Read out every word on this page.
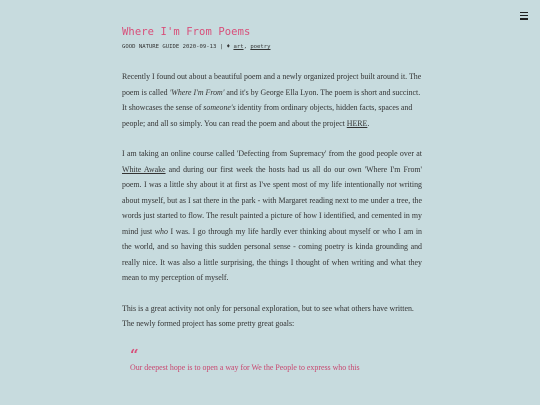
Where I'm From Poems
GOOD NATURE GUIDE 2020-09-13 | ♦ art, poetry

Recently I found out about a beautiful poem and a newly organized project built around it. The poem is called 'Where I'm From' and it's by George Ella Lyon. The poem is short and succinct. It showcases the sense of someone's identity from ordinary objects, hidden facts, spaces and people; and all so simply. You can read the poem and about the project HERE.

I am taking an online course called 'Defecting from Supremacy' from the good people over at White Awake and during our first week the hosts had us all do our own 'Where I'm From' poem. I was a little shy about it at first as I've spent most of my life intentionally not writing about myself, but as I sat there in the park - with Margaret reading next to me under a tree, the words just started to flow. The result painted a picture of how I identified, and cemented in my mind just who I was. I go through my life hardly ever thinking about myself or who I am in the world, and so having this sudden personal sense - coming poetry is kinda grounding and really nice. It was also a little surprising, the things I thought of when writing and what they mean to my perception of myself.

This is a great activity not only for personal exploration, but to see what others have written. The newly formed project has some pretty great goals:

“

Our deepest hope is to open a way for We the People to express who this
